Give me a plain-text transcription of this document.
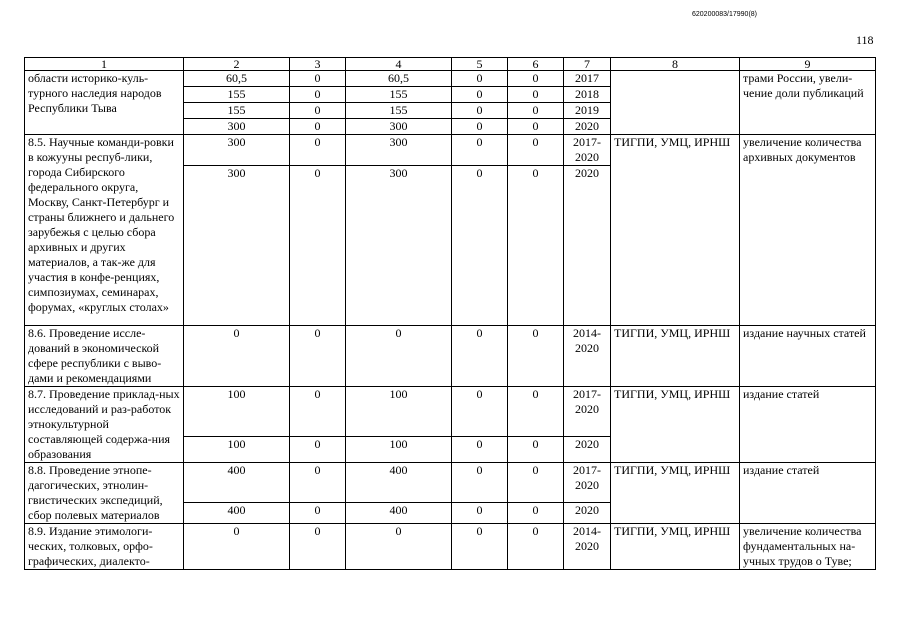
620200083/17990(8)
118
1	2	3	4	5	6	7	8	9
области историко-куль-турного наследия народов Республики Тыва	60,5	0	60,5	0	0	2017		трами России, увели-чение доли публикаций
	155	0	155	0	0	2018		
	155	0	155	0	0	2019		
	300	0	300	0	0	2020		
8.5. Научные команди-ровки в кожууны респуб-лики, города Сибирского федерального округа, Москву, Санкт-Петербург и страны ближнего и дальнего зарубежья с целью сбора архивных и других материалов, а так-же для участия в конфе-ренциях, симпозиумах, семинарах, форумах, «круглых столах»	300	0	300	0	0	2017-2020	ТИГПИ, УМЦ, ИРНШ	увеличение количества архивных документов
	300	0	300	0	0	2020		
8.6. Проведение иссле-дований в экономической сфере республики с выво-дами и рекомендациями	0	0	0	0	0	2014-2020	ТИГПИ, УМЦ, ИРНШ	издание научных статей
8.7. Проведение приклад-ных исследований и раз-работок этнокультурной составляющей содержа-ния образования	100	0	100	0	0	2017-2020	ТИГПИ, УМЦ, ИРНШ	издание статей
	100	0	100	0	0	2020		
8.8. Проведение этнопе-дагогических, этнолин-гвистических экспедиций, сбор полевых материалов	400	0	400	0	0	2017-2020	ТИГПИ, УМЦ, ИРНШ	издание статей
	400	0	400	0	0	2020		
8.9. Издание этимологи-ческих, толковых, орфо-графических, диалекто-	0	0	0	0	0	2014-2020	ТИГПИ, УМЦ, ИРНШ	увеличение количества фундаментальных на-учных трудов о Туве;
